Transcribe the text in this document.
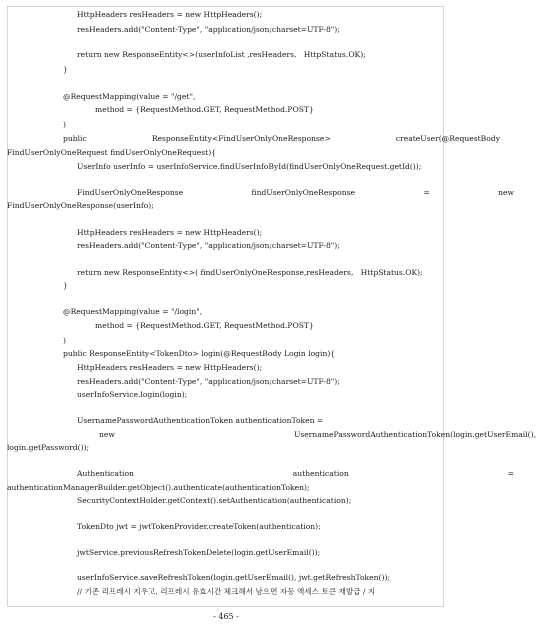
HttpHeaders resHeaders = new HttpHeaders();
resHeaders.add("Content-Type", "application/json;charset=UTF-8");
return new ResponseEntity<>(userInfoList ,resHeaders,   HttpStatus.OK);
}
@RequestMapping(value = "/get",
method = {RequestMethod.GET, RequestMethod.POST}
)
public	ResponseEntity<FindUserOnlyOneResponse>	createUser(@RequestBody
FindUserOnlyOneRequest findUserOnlyOneRequest){
UserInfo userInfo = userInfoService.findUserInfoById(findUserOnlyOneRequest.getId());
FindUserOnlyOneResponse	findUserOnlyOneResponse	=	new
FindUserOnlyOneResponse(userInfo);
HttpHeaders resHeaders = new HttpHeaders();
resHeaders.add("Content-Type", "application/json;charset=UTF-8");
return new ResponseEntity<>( findUserOnlyOneResponse,resHeaders,   HttpStatus.OK);
}
@RequestMapping(value = "/login",
method = {RequestMethod.GET, RequestMethod.POST}
)
public ResponseEntity<TokenDto> login(@RequestBody Login login){
HttpHeaders resHeaders = new HttpHeaders();
resHeaders.add("Content-Type", "application/json;charset=UTF-8");
userInfoService.login(login);
UsernamePasswordAuthenticationToken authenticationToken =
new	UsernamePasswordAuthenticationToken(login.getUserEmail(),
login.getPassword());
Authentication	authentication	=
authenticationManagerBuilder.getObject().authenticate(authenticationToken);
SecurityContextHolder.getContext().setAuthentication(authentication);
TokenDto jwt = jwtTokenProvider.createToken(authentication);
jwtService.previousRefreshTokenDelete(login.getUserEmail());
userInfoService.saveRefreshToken(login.getUserEmail(), jwt.getRefreshToken());
// 기존 리프레시 지우고, 리프레시 유효시간 체크해서 남으면 자동 액세스 토큰 재발급 / 지
- 465 -
